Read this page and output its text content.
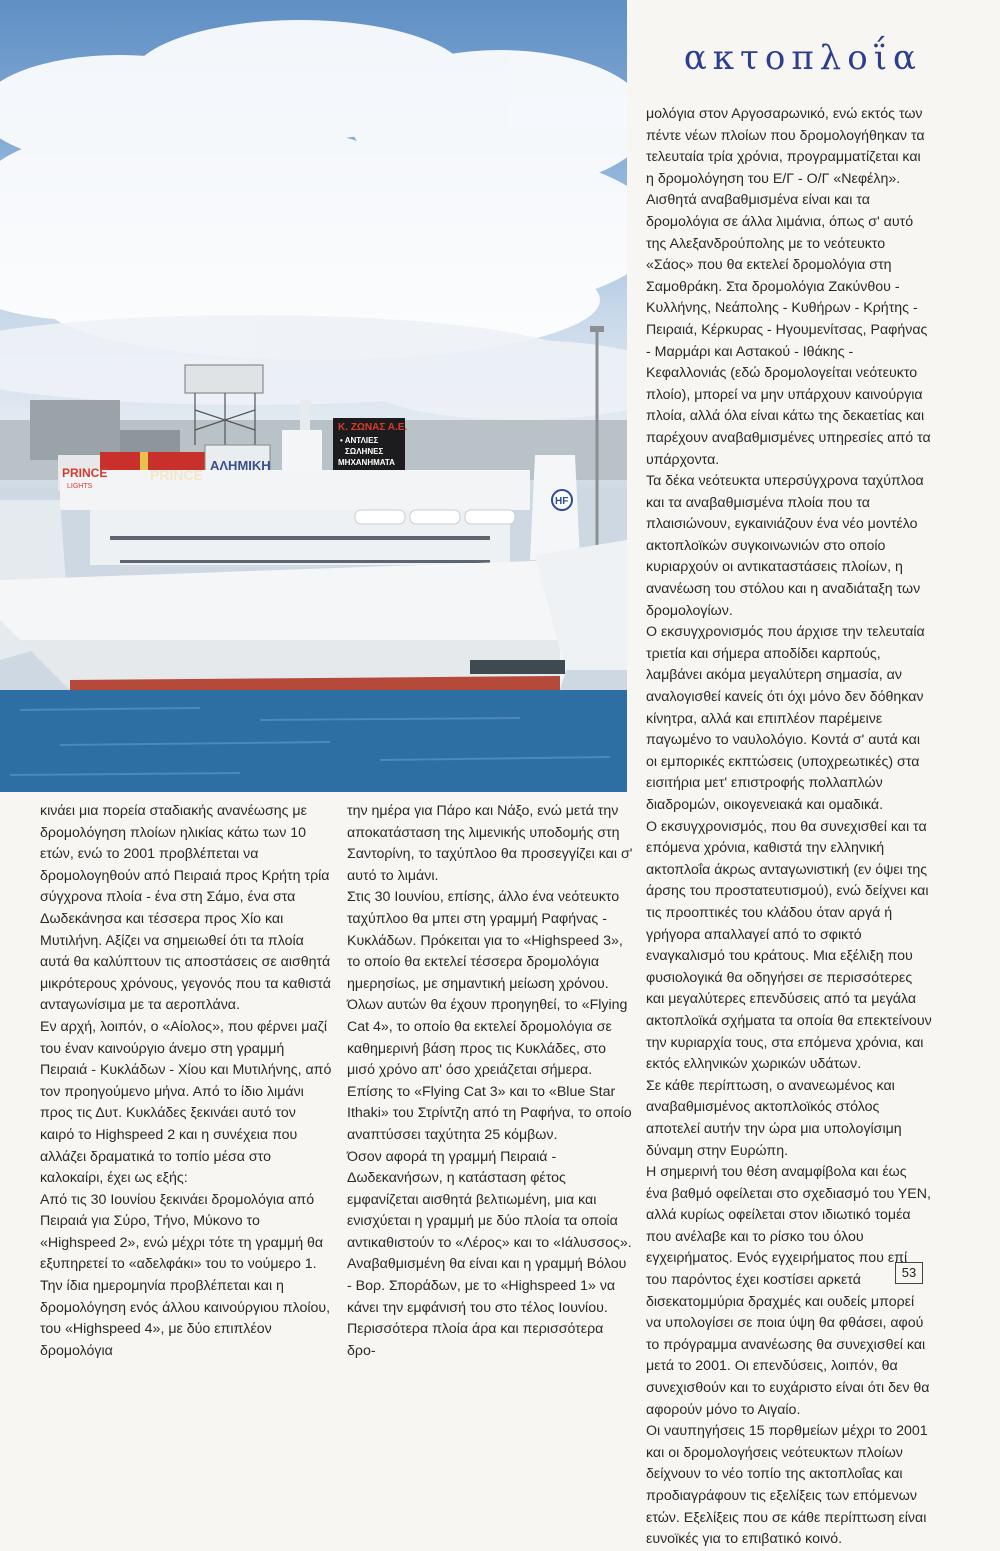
PRINCE
LIGHTS
PRINCE
ΑΛΗΜΙΚΗ
Κ. ΖΩΝΑΣ Α.Ε.
• ΑΝΤΛΙΕΣ
ΣΩΛΗΝΕΣ
ΜΗΧΑΝΗΜΑΤΑ
HF
ακτοπλοΐα

μολόγια στον Αργοσαρωνικό, ενώ εκτός των πέντε νέων πλοίων που δρομολογήθηκαν τα τελευταία τρία χρόνια, προγραμματίζεται και η δρομολόγηση του Ε/Γ - Ο/Γ «Νεφέλη».

Αισθητά αναβαθμισμένα είναι και τα δρομολόγια σε άλλα λιμάνια, όπως σ' αυτό της Αλεξανδρούπολης με το νεότευκτο «Σάος» που θα εκτελεί δρομολόγια στη Σαμοθράκη. Στα δρομολόγια Ζακύνθου - Κυλλήνης, Νεάπολης - Κυθήρων - Κρήτης - Πειραιά, Κέρκυρας - Ηγουμενίτσας, Ραφήνας - Μαρμάρι και Αστακού - Ιθάκης - Κεφαλλονιάς (εδώ δρομολογείται νεότευκτο πλοίο), μπορεί να μην υπάρχουν καινούργια πλοία, αλλά όλα είναι κάτω της δεκαετίας και παρέχουν αναβαθμισμένες υπηρεσίες από τα υπάρχοντα.

Τα δέκα νεότευκτα υπερσύγχρονα ταχύπλοα και τα αναβαθμισμένα πλοία που τα πλαισιώνουν, εγκαινιάζουν ένα νέο μοντέλο ακτοπλοϊκών συγκοινωνιών στο οποίο κυριαρχούν οι αντικαταστάσεις πλοίων, η ανανέωση του στόλου και η αναδιάταξη των δρομολογίων.

Ο εκσυγχρονισμός που άρχισε την τελευταία τριετία και σήμερα αποδίδει καρπούς, λαμβάνει ακόμα μεγαλύτερη σημασία, αν αναλογισθεί κανείς ότι όχι μόνο δεν δόθηκαν κίνητρα, αλλά και επιπλέον παρέμεινε παγωμένο το ναυλολόγιο. Κοντά σ' αυτά και οι εμπορικές εκπτώσεις (υποχρεωτικές) στα εισιτήρια μετ' επιστροφής πολλαπλών διαδρομών, οικογενειακά και ομαδικά.

Ο εκσυγχρονισμός, που θα συνεχισθεί και τα επόμενα χρόνια, καθιστά την ελληνική ακτοπλοΐα άκρως ανταγωνιστική (εν όψει της άρσης του προστατευτισμού), ενώ δείχνει και τις προοπτικές του κλάδου όταν αργά ή γρήγορα απαλλαγεί από το σφικτό εναγκαλισμό του κράτους. Μια εξέλιξη που φυσιολογικά θα οδηγήσει σε περισσότερες και μεγαλύτερες επενδύσεις από τα μεγάλα ακτοπλοϊκά σχήματα τα οποία θα επεκτείνουν την κυριαρχία τους, στα επόμενα χρόνια, και εκτός ελληνικών χωρικών υδάτων.

Σε κάθε περίπτωση, ο ανανεωμένος και αναβαθμισμένος ακτοπλοϊκός στόλος αποτελεί αυτήν την ώρα μια υπολογίσιμη δύναμη στην Ευρώπη.

Η σημερινή του θέση αναμφίβολα και έως ένα βαθμό οφείλεται στο σχεδιασμό του ΥΕΝ, αλλά κυρίως οφείλεται στον ιδιωτικό τομέα που ανέλαβε και το ρίσκο του όλου εγχειρήματος. Ενός εγχειρήματος που επί του παρόντος έχει κοστίσει αρκετά δισεκατομμύρια δραχμές και ουδείς μπορεί να υπολογίσει σε ποια ύψη θα φθάσει, αφού το πρόγραμμα ανανέωσης θα συνεχισθεί και μετά το 2001. Οι επενδύσεις, λοιπόν, θα συνεχισθούν και το ευχάριστο είναι ότι δεν θα αφορούν μόνο το Αιγαίο.

Οι ναυπηγήσεις 15 πορθμείων μέχρι το 2001 και οι δρομολογήσεις νεότευκτων πλοίων δείχνουν το νέο τοπίο της ακτοπλοΐας και προδιαγράφουν τις εξελίξεις των επόμενων ετών. Εξελίξεις που σε κάθε περίπτωση είναι ευνοϊκές για το επιβατικό κοινό.

κινάει μια πορεία σταδιακής ανανέωσης με δρομολόγηση πλοίων ηλικίας κάτω των 10 ετών, ενώ το 2001 προβλέπεται να δρομολογηθούν από Πειραιά προς Κρήτη τρία σύγχρονα πλοία - ένα στη Σάμο, ένα στα Δωδεκάνησα και τέσσερα προς Χίο και Μυτιλήνη. Αξίζει να σημειωθεί ότι τα πλοία αυτά θα καλύπτουν τις αποστάσεις σε αισθητά μικρότερους χρόνους, γεγονός που τα καθιστά ανταγωνίσιμα με τα αεροπλάνα.

Εν αρχή, λοιπόν, ο «Αίολος», που φέρνει μαζί του έναν καινούργιο άνεμο στη γραμμή Πειραιά - Κυκλάδων - Χίου και Μυτιλήνης, από τον προηγούμενο μήνα. Από το ίδιο λιμάνι προς τις Δυτ. Κυκλάδες ξεκινάει αυτό τον καιρό το Highspeed 2 και η συνέχεια που αλλάζει δραματικά το τοπίο μέσα στο καλοκαίρι, έχει ως εξής:

Από τις 30 Ιουνίου ξεκινάει δρομολόγια από Πειραιά για Σύρο, Τήνο, Μύκονο το «Highspeed 2», ενώ μέχρι τότε τη γραμμή θα εξυπηρετεί το «αδελφάκι» του το νούμερο 1.

Την ίδια ημερομηνία προβλέπεται και η δρομολόγηση ενός άλλου καινούργιου πλοίου, του «Highspeed 4», με δύο επιπλέον δρομολόγια

την ημέρα για Πάρο και Νάξο, ενώ μετά την αποκατάσταση της λιμενικής υποδομής στη Σαντορίνη, το ταχύπλοο θα προσεγγίζει και σ' αυτό το λιμάνι.

Στις 30 Ιουνίου, επίσης, άλλο ένα νεότευκτο ταχύπλοο θα μπει στη γραμμή Ραφήνας - Κυκλάδων. Πρόκειται για το «Highspeed 3», το οποίο θα εκτελεί τέσσερα δρομολόγια ημερησίως, με σημαντική μείωση χρόνου.

Όλων αυτών θα έχουν προηγηθεί, το «Flying Cat 4», το οποίο θα εκτελεί δρομολόγια σε καθημερινή βάση προς τις Κυκλάδες, στο μισό χρόνο απ' όσο χρειάζεται σήμερα. Επίσης το «Flying Cat 3» και το «Blue Star Ithaki» του Στρίντζη από τη Ραφήνα, το οποίο αναπτύσσει ταχύτητα 25 κόμβων.

Όσον αφορά τη γραμμή Πειραιά - Δωδεκανήσων, η κατάσταση φέτος εμφανίζεται αισθητά βελτιωμένη, μια και ενισχύεται η γραμμή με δύο πλοία τα οποία αντικαθιστούν το «Λέρος» και το «Ιάλυσσος».

Αναβαθμισμένη θα είναι και η γραμμή Βόλου - Βορ. Σποράδων, με το «Highspeed 1» να κάνει την εμφάνισή του στο τέλος Ιουνίου.

Περισσότερα πλοία άρα και περισσότερα δρο-

53
